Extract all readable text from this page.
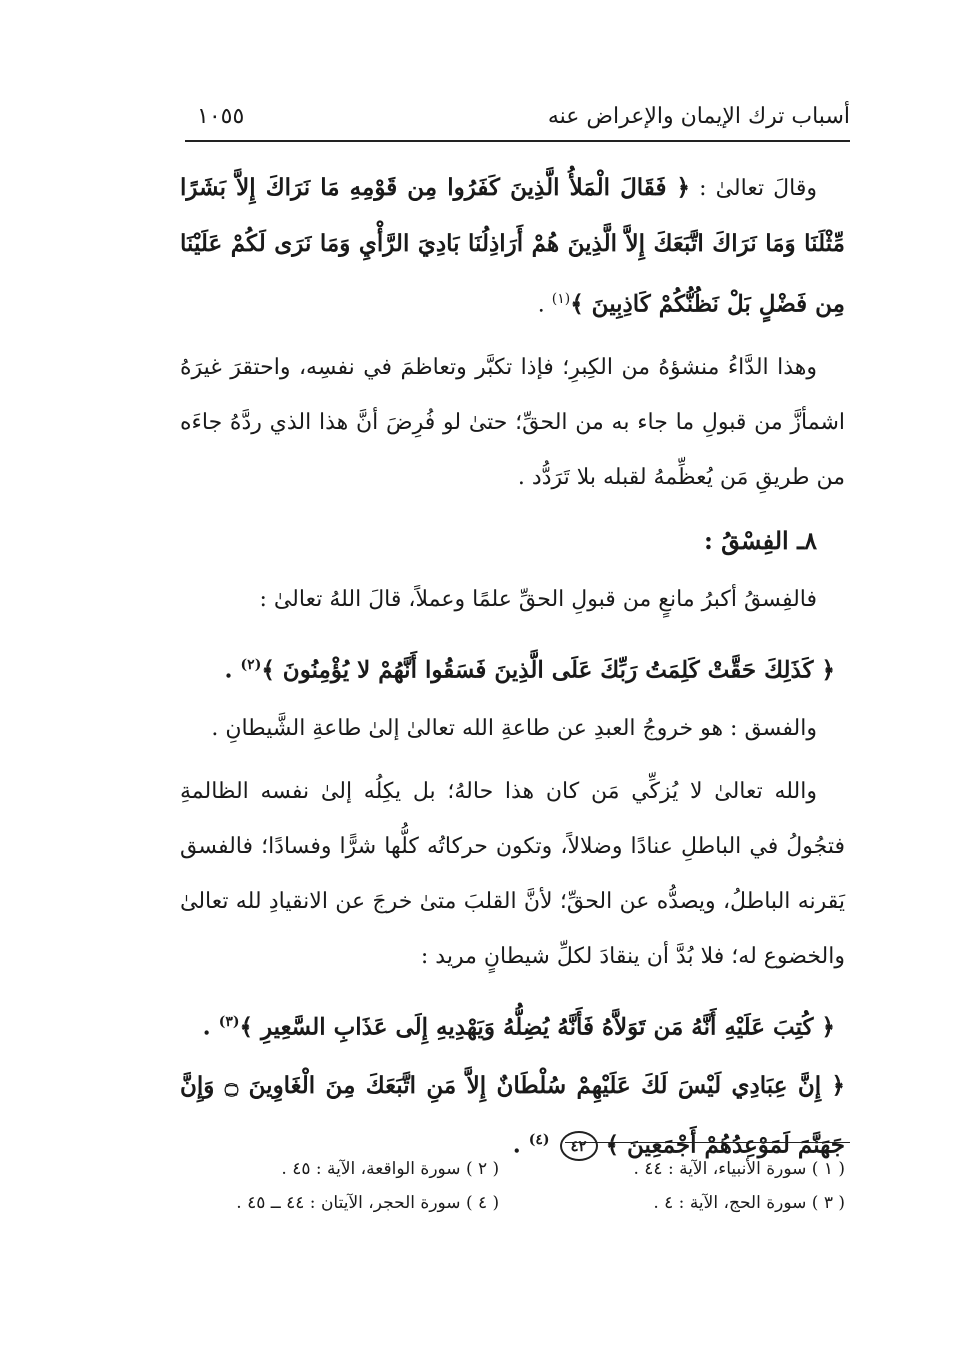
أسباب ترك الإيمان والإعراض عنه
١٠٥٥

وقالَ تعالىٰ : ﴿ فَقَالَ الْمَلأُ الَّذِينَ كَفَرُوا مِن قَوْمِهِ مَا نَرَاكَ إِلاَّ بَشَرًا مِّثْلَنَا وَمَا نَرَاكَ اتَّبَعَكَ إِلاَّ الَّذِينَ هُمْ أَرَاذِلُنَا بَادِيَ الرَّأْيِ وَمَا نَرَى لَكُمْ عَلَيْنَا مِن فَضْلٍ بَلْ نَظُنُّكُمْ كَاذِبِينَ ﴾$^{(١)}$ .

وهذا الدَّاءُ منشؤهُ من الكِبرِ؛ فإذا تكبَّر وتعاظمَ في نفسِه، واحتقرَ غيرَهُ اشمأزَّ من قبولِ ما جاء به من الحقِّ؛ حتىٰ لو فُرِضَ أنَّ هذا الذي ردَّهُ جاءَه من طريقِ مَن يُعظِّمهُ لقبله بلا تَرَدُّد .

٨ـ الفِسْقُ :

فالفِسقُ أكبرُ مانعٍ من قبولِ الحقِّ علمًا وعملاً، قالَ اللهُ تعالىٰ :

﴿ كَذَلِكَ حَقَّتْ كَلِمَتُ رَبِّكَ عَلَى الَّذِينَ فَسَقُوا أَنَّهُمْ لا يُؤْمِنُونَ ﴾$^{(٢)}$ .

والفسق : هو خروجُ العبدِ عن طاعةِ الله تعالىٰ إلىٰ طاعةِ الشَّيطانِ .

والله تعالىٰ لا يُزكِّي مَن كان هذا حالهُ؛ بل يكِلُه إلىٰ نفسه الظالمةِ فتجُولُ في الباطلِ عنادًا وضلالاً، وتكون حركاتُه كلُّها شرًّا وفسادًا؛ فالفسق يَقرنه الباطلُ، ويصدُّه عن الحقِّ؛ لأنَّ القلبَ متىٰ خرجَ عن الانقيادِ لله تعالىٰ والخضوع له؛ فلا بُدَّ أن ينقادَ لكلِّ شيطانٍ مريد :

﴿ كُتِبَ عَلَيْهِ أَنَّهُ مَن تَوَلاَّهُ فَأَنَّهُ يُضِلُّهُ وَيَهْدِيهِ إِلَى عَذَابِ السَّعِيرِ ﴾$^{(٣)}$ .

﴿ إِنَّ عِبَادِي لَيْسَ لَكَ عَلَيْهِمْ سُلْطَانٌ إِلاَّ مَنِ اتَّبَعَكَ مِنَ الْغَاوِينَ ۝ وَإِنَّ جَهَنَّمَ لَمَوْعِدُهُمْ أَجْمَعِينَ ﴾ ٤٢$^{(٤)}$ .

( ١ ) سورة الأنبياء، الآية : ٤٤ .
( ٢ ) سورة الواقعة، الآية : ٤٥ .
( ٣ ) سورة الحج، الآية : ٤ .
( ٤ ) سورة الحجر، الآيتان : ٤٤ ــ ٤٥ .
